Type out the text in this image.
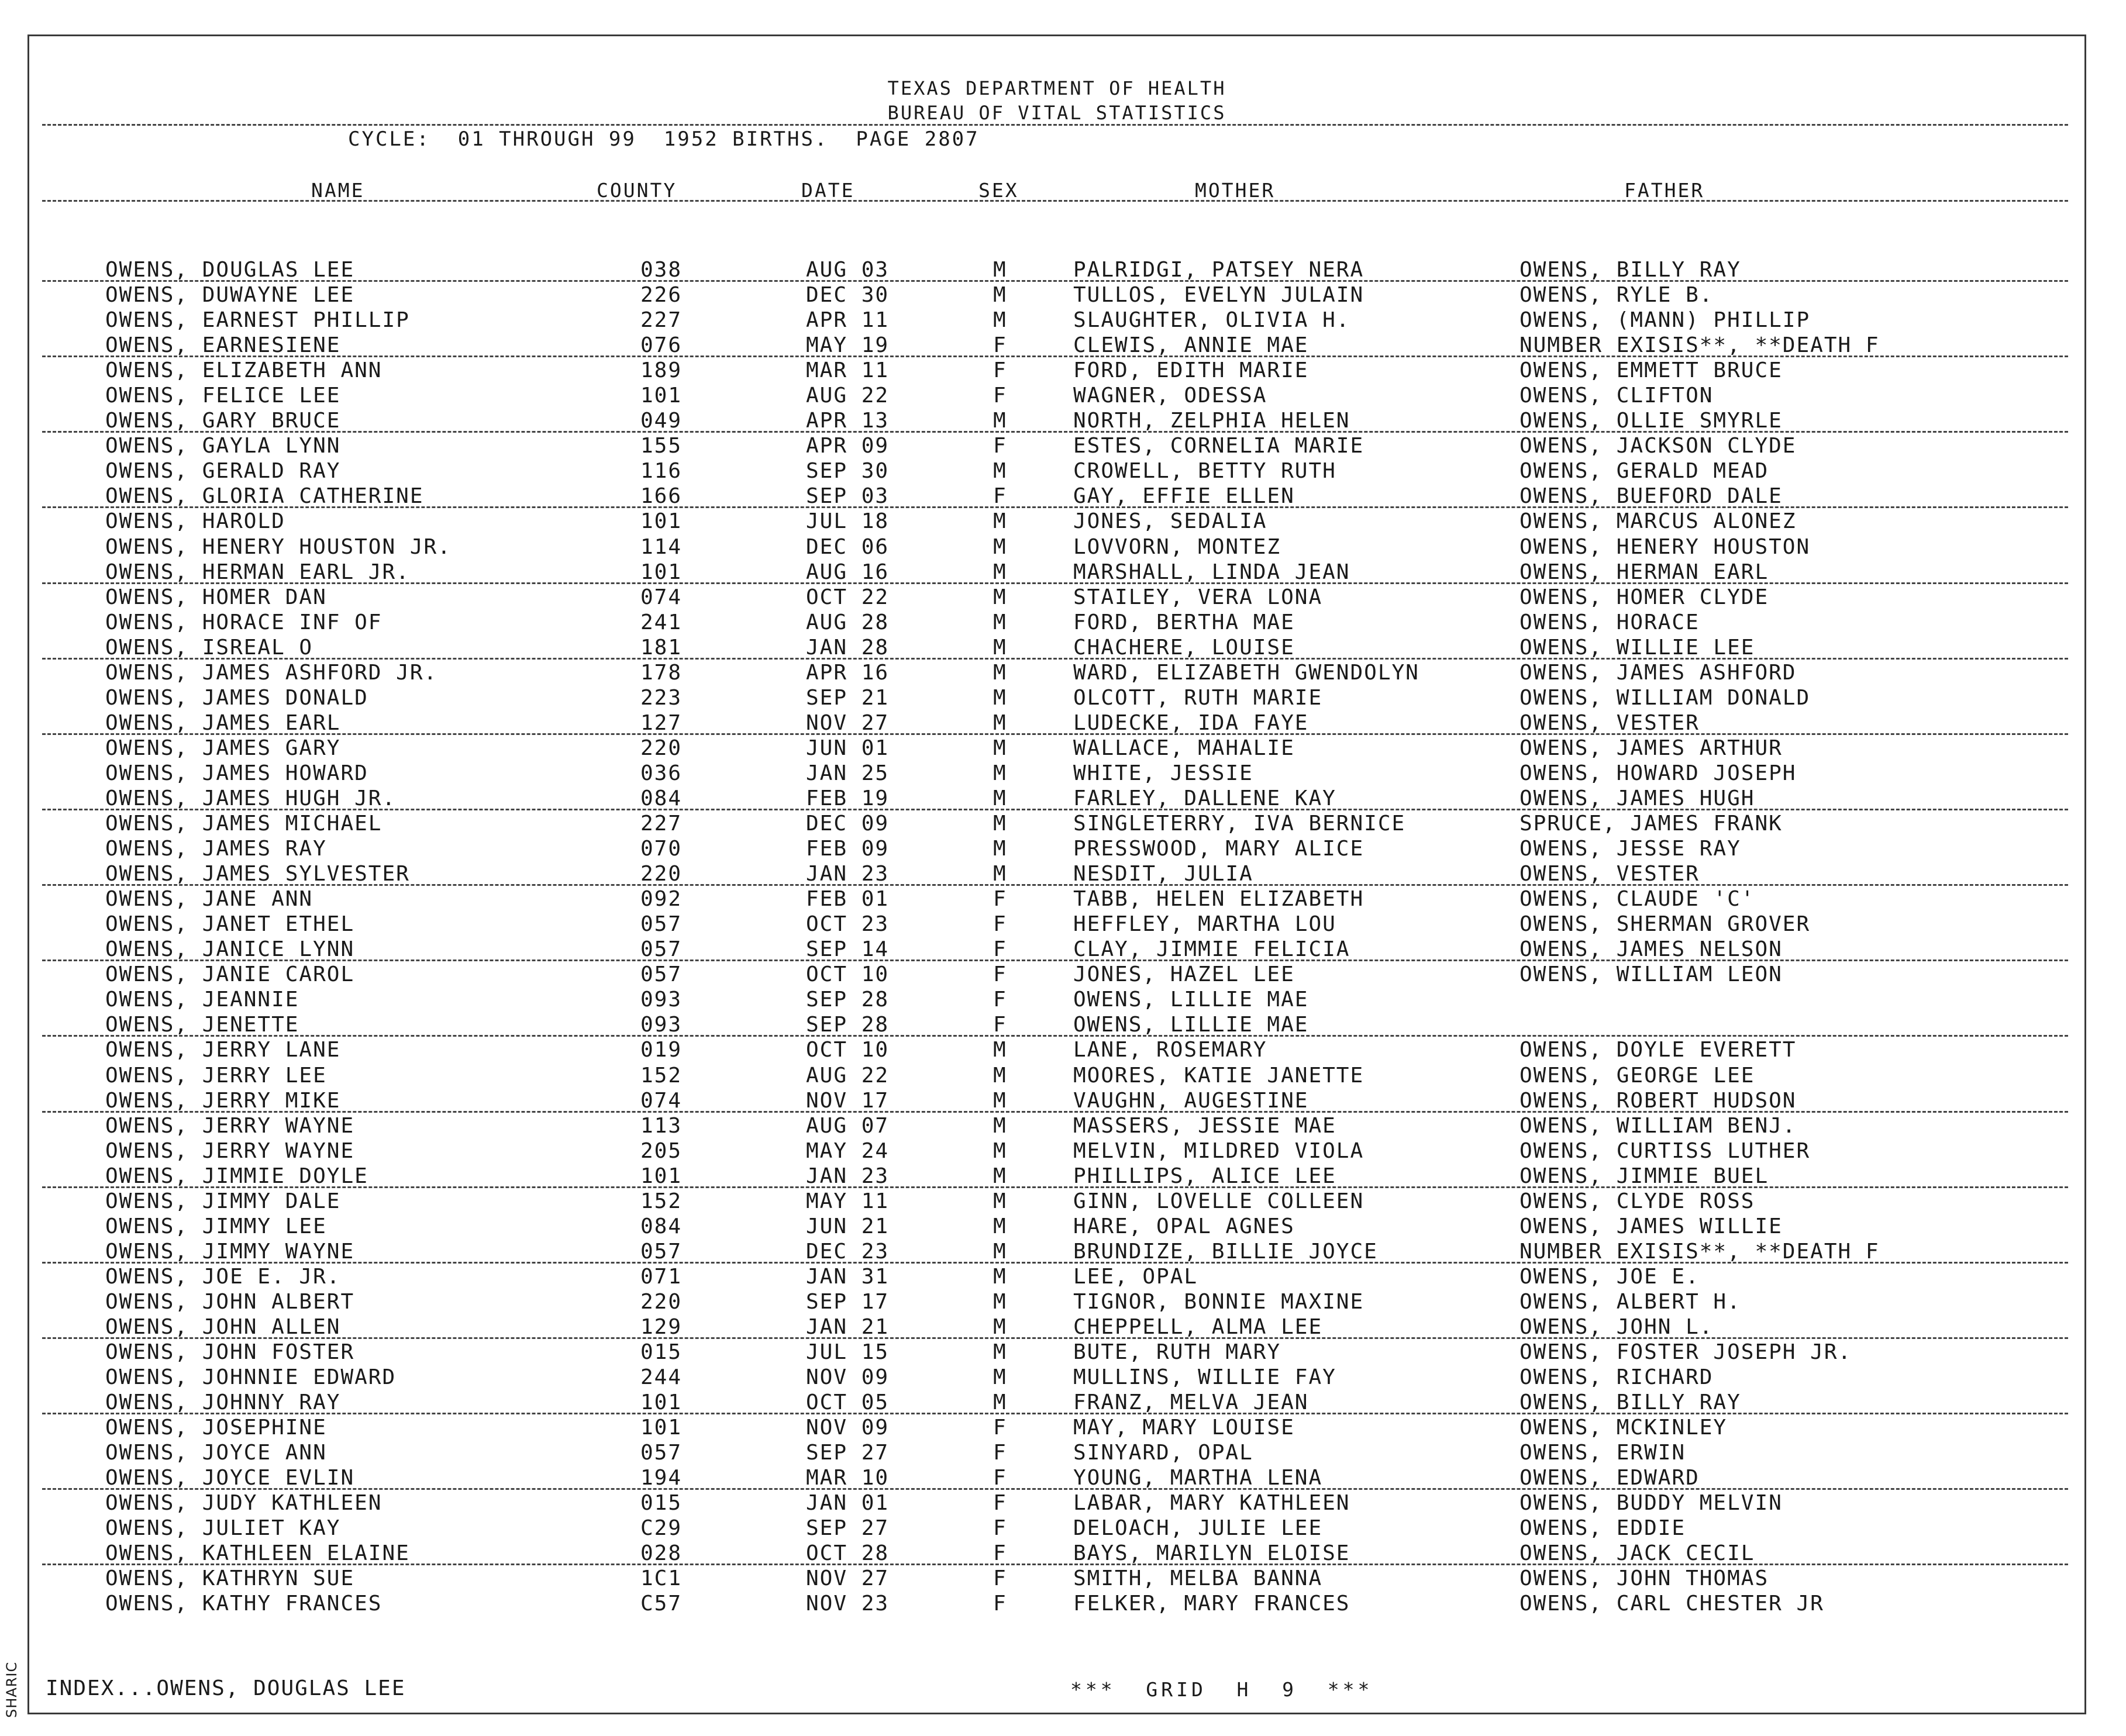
TEXAS DEPARTMENT OF HEALTH
BUREAU OF VITAL STATISTICS
CYCLE:  01 THROUGH 99  1952 BIRTHS.  PAGE 2807
NAME	COUNTY	DATE	SEX	MOTHER	FATHER
OWENS, DOUGLAS LEE	038	AUG 03	M	PALRIDGI, PATSEY NERA	OWENS, BILLY RAY
OWENS, DUWAYNE LEE	226	DEC 30	M	TULLOS, EVELYN JULAIN	OWENS, RYLE B.
OWENS, EARNEST PHILLIP	227	APR 11	M	SLAUGHTER, OLIVIA H.	OWENS, (MANN) PHILLIP
OWENS, EARNESIENE	076	MAY 19	F	CLEWIS, ANNIE MAE	NUMBER EXISIS**, **DEATH F
OWENS, ELIZABETH ANN	189	MAR 11	F	FORD, EDITH MARIE	OWENS, EMMETT BRUCE
OWENS, FELICE LEE	101	AUG 22	F	WAGNER, ODESSA	OWENS, CLIFTON
OWENS, GARY BRUCE	049	APR 13	M	NORTH, ZELPHIA HELEN	OWENS, OLLIE SMYRLE
OWENS, GAYLA LYNN	155	APR 09	F	ESTES, CORNELIA MARIE	OWENS, JACKSON CLYDE
OWENS, GERALD RAY	116	SEP 30	M	CROWELL, BETTY RUTH	OWENS, GERALD MEAD
OWENS, GLORIA CATHERINE	166	SEP 03	F	GAY, EFFIE ELLEN	OWENS, BUEFORD DALE
OWENS, HAROLD	101	JUL 18	M	JONES, SEDALIA	OWENS, MARCUS ALONEZ
OWENS, HENERY HOUSTON JR.	114	DEC 06	M	LOVVORN, MONTEZ	OWENS, HENERY HOUSTON
OWENS, HERMAN EARL JR.	101	AUG 16	M	MARSHALL, LINDA JEAN	OWENS, HERMAN EARL
OWENS, HOMER DAN	074	OCT 22	M	STAILEY, VERA LONA	OWENS, HOMER CLYDE
OWENS, HORACE INF OF	241	AUG 28	M	FORD, BERTHA MAE	OWENS, HORACE
OWENS, ISREAL O	181	JAN 28	M	CHACHERE, LOUISE	OWENS, WILLIE LEE
OWENS, JAMES ASHFORD JR.	178	APR 16	M	WARD, ELIZABETH GWENDOLYN	OWENS, JAMES ASHFORD
OWENS, JAMES DONALD	223	SEP 21	M	OLCOTT, RUTH MARIE	OWENS, WILLIAM DONALD
OWENS, JAMES EARL	127	NOV 27	M	LUDECKE, IDA FAYE	OWENS, VESTER
OWENS, JAMES GARY	220	JUN 01	M	WALLACE, MAHALIE	OWENS, JAMES ARTHUR
OWENS, JAMES HOWARD	036	JAN 25	M	WHITE, JESSIE	OWENS, HOWARD JOSEPH
OWENS, JAMES HUGH JR.	084	FEB 19	M	FARLEY, DALLENE KAY	OWENS, JAMES HUGH
OWENS, JAMES MICHAEL	227	DEC 09	M	SINGLETERRY, IVA BERNICE	SPRUCE, JAMES FRANK
OWENS, JAMES RAY	070	FEB 09	M	PRESSWOOD, MARY ALICE	OWENS, JESSE RAY
OWENS, JAMES SYLVESTER	220	JAN 23	M	NESDIT, JULIA	OWENS, VESTER
OWENS, JANE ANN	092	FEB 01	F	TABB, HELEN ELIZABETH	OWENS, CLAUDE 'C'
OWENS, JANET ETHEL	057	OCT 23	F	HEFFLEY, MARTHA LOU	OWENS, SHERMAN GROVER
OWENS, JANICE LYNN	057	SEP 14	F	CLAY, JIMMIE FELICIA	OWENS, JAMES NELSON
OWENS, JANIE CAROL	057	OCT 10	F	JONES, HAZEL LEE	OWENS, WILLIAM LEON
OWENS, JEANNIE	093	SEP 28	F	OWENS, LILLIE MAE
OWENS, JENETTE	093	SEP 28	F	OWENS, LILLIE MAE
OWENS, JERRY LANE	019	OCT 10	M	LANE, ROSEMARY	OWENS, DOYLE EVERETT
OWENS, JERRY LEE	152	AUG 22	M	MOORES, KATIE JANETTE	OWENS, GEORGE LEE
OWENS, JERRY MIKE	074	NOV 17	M	VAUGHN, AUGESTINE	OWENS, ROBERT HUDSON
OWENS, JERRY WAYNE	113	AUG 07	M	MASSERS, JESSIE MAE	OWENS, WILLIAM BENJ.
OWENS, JERRY WAYNE	205	MAY 24	M	MELVIN, MILDRED VIOLA	OWENS, CURTISS LUTHER
OWENS, JIMMIE DOYLE	101	JAN 23	M	PHILLIPS, ALICE LEE	OWENS, JIMMIE BUEL
OWENS, JIMMY DALE	152	MAY 11	M	GINN, LOVELLE COLLEEN	OWENS, CLYDE ROSS
OWENS, JIMMY LEE	084	JUN 21	M	HARE, OPAL AGNES	OWENS, JAMES WILLIE
OWENS, JIMMY WAYNE	057	DEC 23	M	BRUNDIZE, BILLIE JOYCE	NUMBER EXISIS**, **DEATH F
OWENS, JOE E. JR.	071	JAN 31	M	LEE, OPAL	OWENS, JOE E.
OWENS, JOHN ALBERT	220	SEP 17	M	TIGNOR, BONNIE MAXINE	OWENS, ALBERT H.
OWENS, JOHN ALLEN	129	JAN 21	M	CHEPPELL, ALMA LEE	OWENS, JOHN L.
OWENS, JOHN FOSTER	015	JUL 15	M	BUTE, RUTH MARY	OWENS, FOSTER JOSEPH JR.
OWENS, JOHNNIE EDWARD	244	NOV 09	M	MULLINS, WILLIE FAY	OWENS, RICHARD
OWENS, JOHNNY RAY	101	OCT 05	M	FRANZ, MELVA JEAN	OWENS, BILLY RAY
OWENS, JOSEPHINE	101	NOV 09	F	MAY, MARY LOUISE	OWENS, MCKINLEY
OWENS, JOYCE ANN	057	SEP 27	F	SINYARD, OPAL	OWENS, ERWIN
OWENS, JOYCE EVLIN	194	MAR 10	F	YOUNG, MARTHA LENA	OWENS, EDWARD
OWENS, JUDY KATHLEEN	015	JAN 01	F	LABAR, MARY KATHLEEN	OWENS, BUDDY MELVIN
OWENS, JULIET KAY	C29	SEP 27	F	DELOACH, JULIE LEE	OWENS, EDDIE
OWENS, KATHLEEN ELAINE	028	OCT 28	F	BAYS, MARILYN ELOISE	OWENS, JACK CECIL
OWENS, KATHRYN SUE	1C1	NOV 27	F	SMITH, MELBA BANNA	OWENS, JOHN THOMAS
OWENS, KATHY FRANCES	C57	NOV 23	F	FELKER, MARY FRANCES	OWENS, CARL CHESTER JR
INDEX...OWENS, DOUGLAS LEE	***  GRID  H  9  ***
SHARIC
